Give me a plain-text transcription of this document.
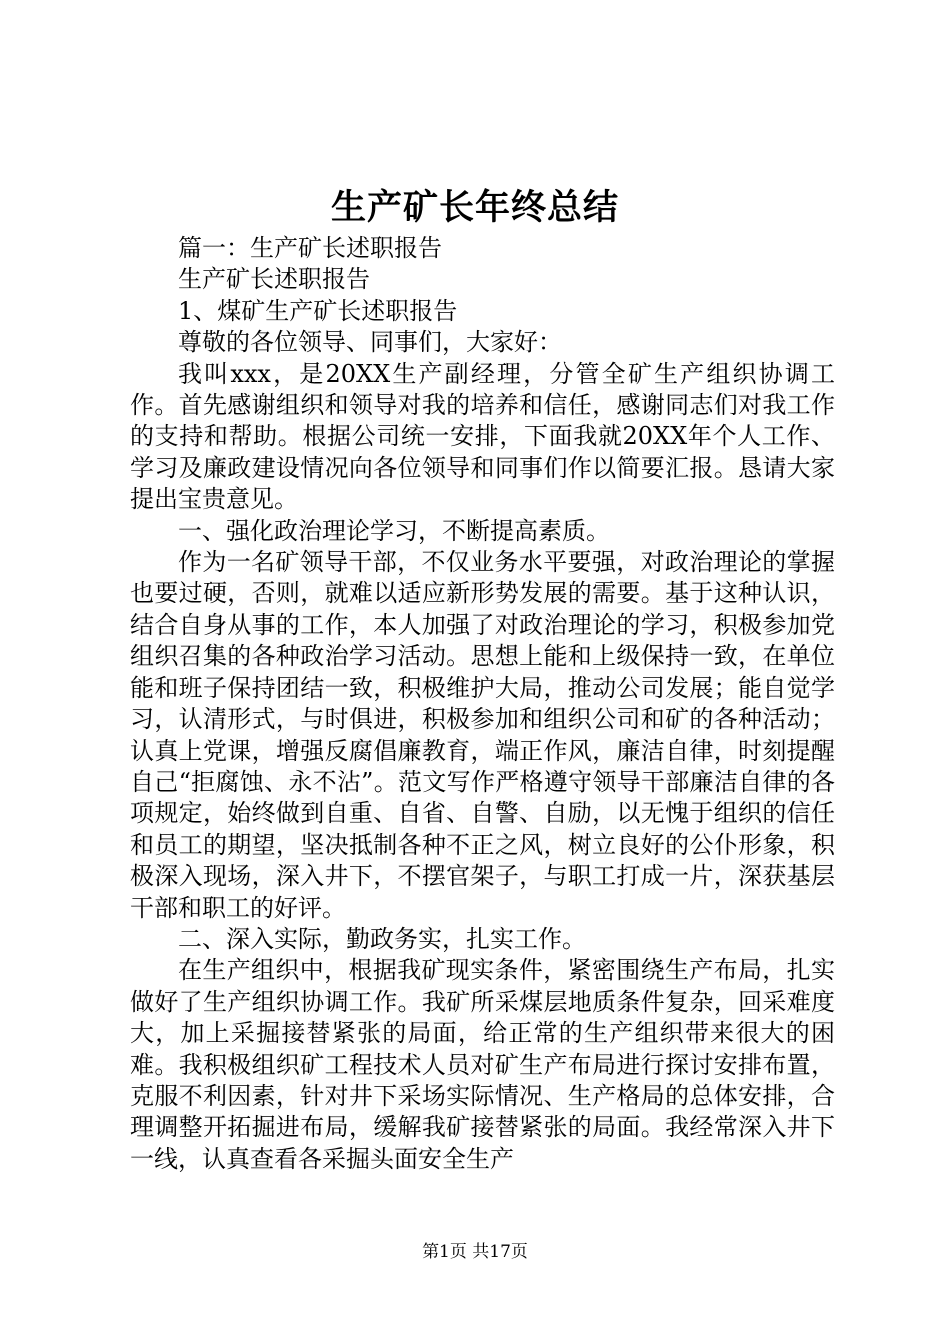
生产矿长年终总结

篇一：生产矿长述职报告

生产矿长述职报告

1、煤矿生产矿长述职报告

尊敬的各位领导、同事们，大家好：

我叫xxx，是20XX生产副经理，分管全矿生产组织协调工作。首先感谢组织和领导对我的培养和信任，感谢同志们对我工作的支持和帮助。根据公司统一安排，下面我就20XX年个人工作、学习及廉政建设情况向各位领导和同事们作以简要汇报。恳请大家提出宝贵意见。

一、强化政治理论学习，不断提高素质。

作为一名矿领导干部，不仅业务水平要强，对政治理论的掌握也要过硬，否则，就难以适应新形势发展的需要。基于这种认识，结合自身从事的工作，本人加强了对政治理论的学习，积极参加党组织召集的各种政治学习活动。思想上能和上级保持一致，在单位能和班子保持团结一致，积极维护大局，推动公司发展；能自觉学习，认清形式，与时俱进，积极参加和组织公司和矿的各种活动；认真上党课，增强反腐倡廉教育，端正作风，廉洁自律，时刻提醒自己“拒腐蚀、永不沾”。范文写作严格遵守领导干部廉洁自律的各项规定，始终做到自重、自省、自警、自励，以无愧于组织的信任和员工的期望，坚决抵制各种不正之风，树立良好的公仆形象，积极深入现场，深入井下，不摆官架子，与职工打成一片，深获基层干部和职工的好评。

二、深入实际，勤政务实，扎实工作。

在生产组织中，根据我矿现实条件，紧密围绕生产布局，扎实做好了生产组织协调工作。我矿所采煤层地质条件复杂，回采难度大，加上采掘接替紧张的局面，给正常的生产组织带来很大的困难。我积极组织矿工程技术人员对矿生产布局进行探讨安排布置，克服不利因素，针对井下采场实际情况、生产格局的总体安排，合理调整开拓掘进布局，缓解我矿接替紧张的局面。我经常深入井下一线，认真查看各采掘头面安全生产

第1页 共17页
